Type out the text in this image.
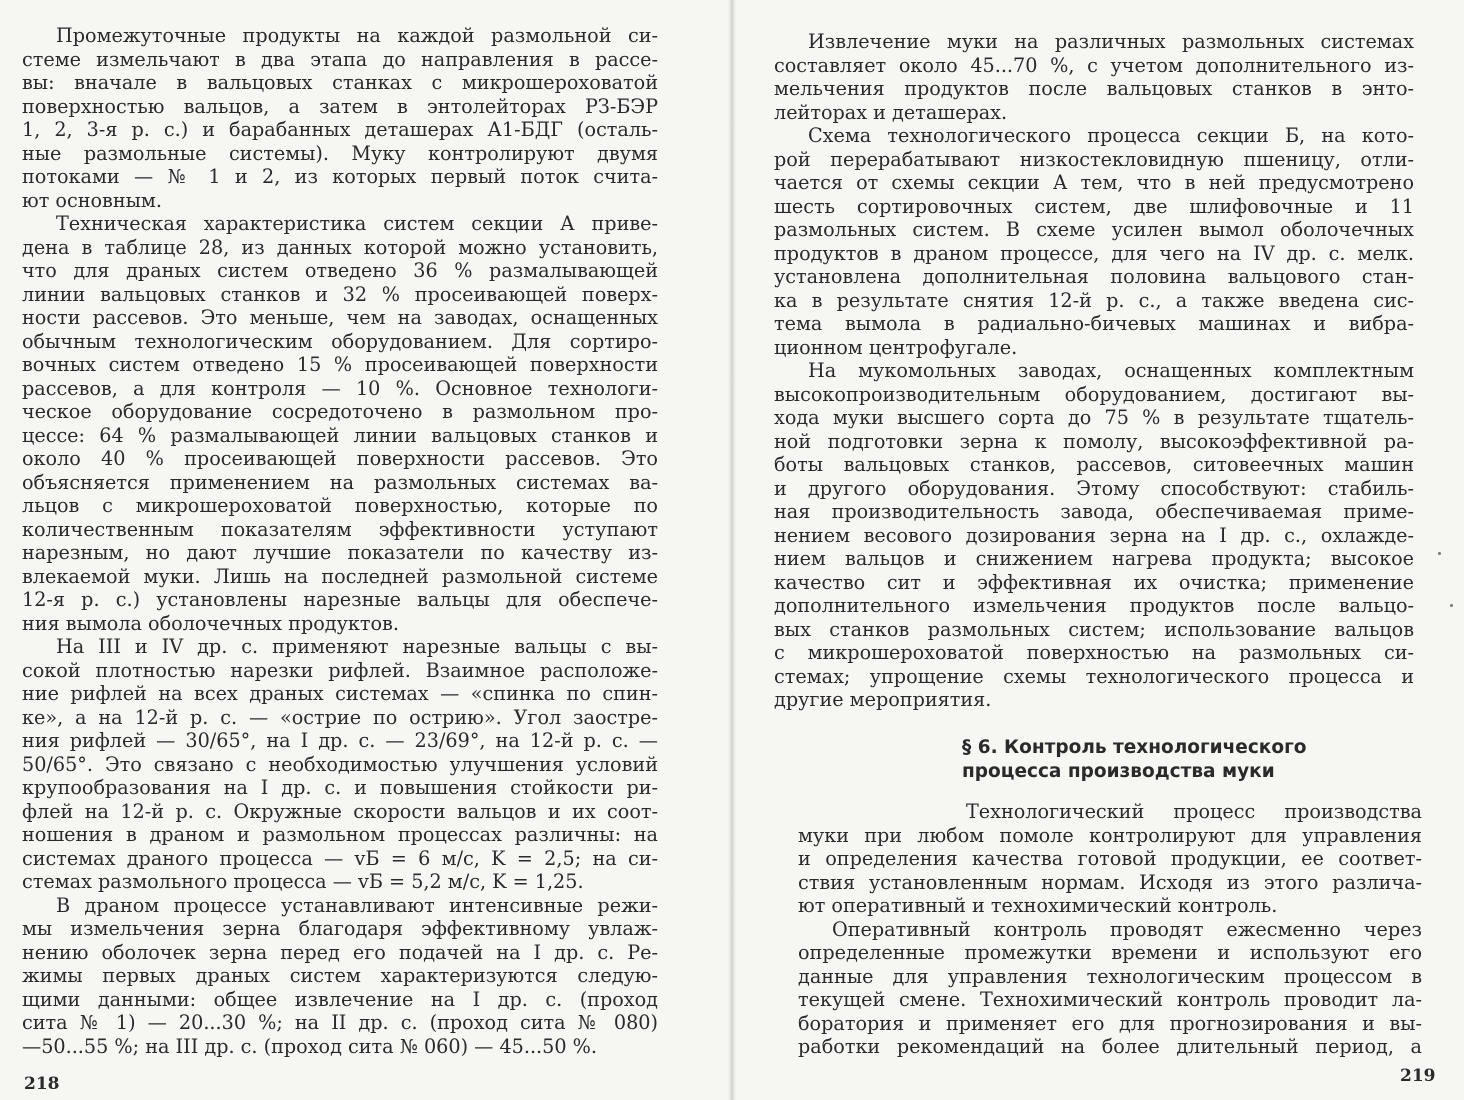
Промежуточные продукты на каждой размольной си-
стеме измельчают в два этапа до направления в рассе-
вы: вначале в вальцовых станках с микрошероховатой
поверхностью вальцов, а затем в энтолейторах РЗ-БЭР
1, 2, 3-я р. с.) и барабанных деташерах А1-БДГ (осталь-
ные размольные системы). Муку контролируют двумя
потоками — № 1 и 2, из которых первый поток счита-
ют основным.
Техническая характеристика систем секции А приве-
дена в таблице 28, из данных которой можно установить,
что для драных систем отведено 36 % размалывающей
линии вальцовых станков и 32 % просеивающей поверх-
ности рассевов. Это меньше, чем на заводах, оснащенных
обычным технологическим оборудованием. Для сортиро-
вочных систем отведено 15 % просеивающей поверхности
рассевов, а для контроля — 10 %. Основное технологи-
ческое оборудование сосредоточено в размольном про-
цессе: 64 % размалывающей линии вальцовых станков и
около 40 % просеивающей поверхности рассевов. Это
объясняется применением на размольных системах ва-
льцов с микрошероховатой поверхностью, которые по
количественным показателям эффективности уступают
нарезным, но дают лучшие показатели по качеству из-
влекаемой муки. Лишь на последней размольной системе
12-я р. с.) установлены нарезные вальцы для обеспече-
ния вымола оболочечных продуктов.
На III и IV др. с. применяют нарезные вальцы с вы-
сокой плотностью нарезки рифлей. Взаимное расположе-
ние рифлей на всех драных системах — «спинка по спин-
ке», а на 12-й р. с. — «острие по острию». Угол заостре-
ния рифлей — 30/65°, на I др. с. — 23/69°, на 12-й р. с. —
50/65°. Это связано с необходимостью улучшения условий
крупообразования на I др. с. и повышения стойкости ри-
флей на 12-й р. с. Окружные скорости вальцов и их соот-
ношения в драном и размольном процессах различны: на
системах драного процесса — vБ = 6 м/с, K = 2,5; на си-
стемах размольного процесса — vБ = 5,2 м/с, K = 1,25.
В драном процессе устанавливают интенсивные режи-
мы измельчения зерна благодаря эффективному увлаж-
нению оболочек зерна перед его подачей на I др. с. Ре-
жимы первых драных систем характеризуются следую-
щими данными: общее извлечение на I др. с. (проход
сита № 1) — 20...30 %; на II др. с. (проход сита № 080)
—50...55 %; на III др. с. (проход сита № 060) — 45...50 %.
218
Извлечение муки на различных размольных системах
составляет около 45...70 %, с учетом дополнительного из-
мельчения продуктов после вальцовых станков в энто-
лейторах и деташерах.
Схема технологического процесса секции Б, на кото-
рой перерабатывают низкостекловидную пшеницу, отли-
чается от схемы секции А тем, что в ней предусмотрено
шесть сортировочных систем, две шлифовочные и 11
размольных систем. В схеме усилен вымол оболочечных
продуктов в драном процессе, для чего на IV др. с. мелк.
установлена дополнительная половина вальцового стан-
ка в результате снятия 12-й р. с., а также введена сис-
тема вымола в радиально-бичевых машинах и вибра-
ционном центрофугале.
На мукомольных заводах, оснащенных комплектным
высокопроизводительным оборудованием, достигают вы-
хода муки высшего сорта до 75 % в результате тщатель-
ной подготовки зерна к помолу, высокоэффективной ра-
боты вальцовых станков, рассевов, ситовеечных машин
и другого оборудования. Этому способствуют: стабиль-
ная производительность завода, обеспечиваемая приме-
нением весового дозирования зерна на I др. с., охлажде-
нием вальцов и снижением нагрева продукта; высокое
качество сит и эффективная их очистка; применение
дополнительного измельчения продуктов после вальцо-
вых станков размольных систем; использование вальцов
с микрошероховатой поверхностью на размольных си-
стемах; упрощение схемы технологического процесса и
другие мероприятия.
§ 6. Контроль технологического
процесса производства муки
Технологический процесс производства
муки при любом помоле контролируют для управления
и определения качества готовой продукции, ее соответ-
ствия установленным нормам. Исходя из этого различа-
ют оперативный и технохимический контроль.
Оперативный контроль проводят ежесменно через
определенные промежутки времени и используют его
данные для управления технологическим процессом в
текущей смене. Технохимический контроль проводит ла-
боратория и применяет его для прогнозирования и вы-
работки рекомендаций на более длительный период, а
219
